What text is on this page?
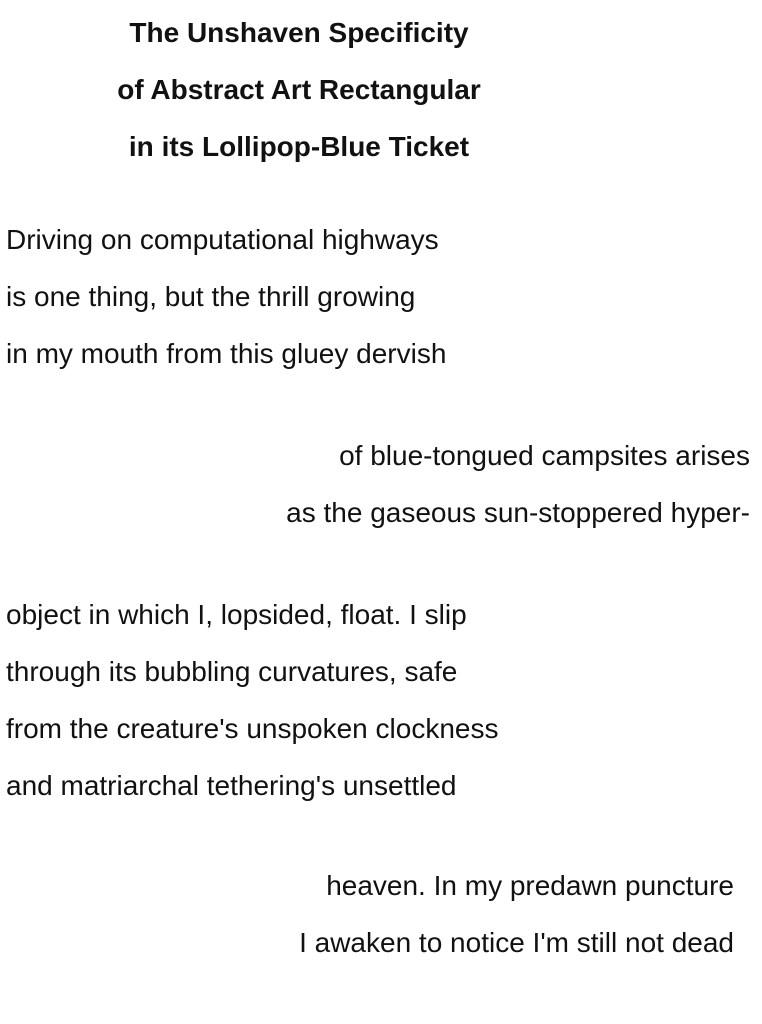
The Unshaven Specificity
of Abstract Art Rectangular
in its Lollipop-Blue Ticket
Driving on computational highways
is one thing, but the thrill growing
in my mouth from this gluey dervish
of blue-tongued campsites arises
as the gaseous sun-stoppered hyper-
object in which I, lopsided, float. I slip
through its bubbling curvatures, safe
from the creature's unspoken clockness
and matriarchal tethering's unsettled
heaven. In my predawn puncture
I awaken to notice I'm still not dead
